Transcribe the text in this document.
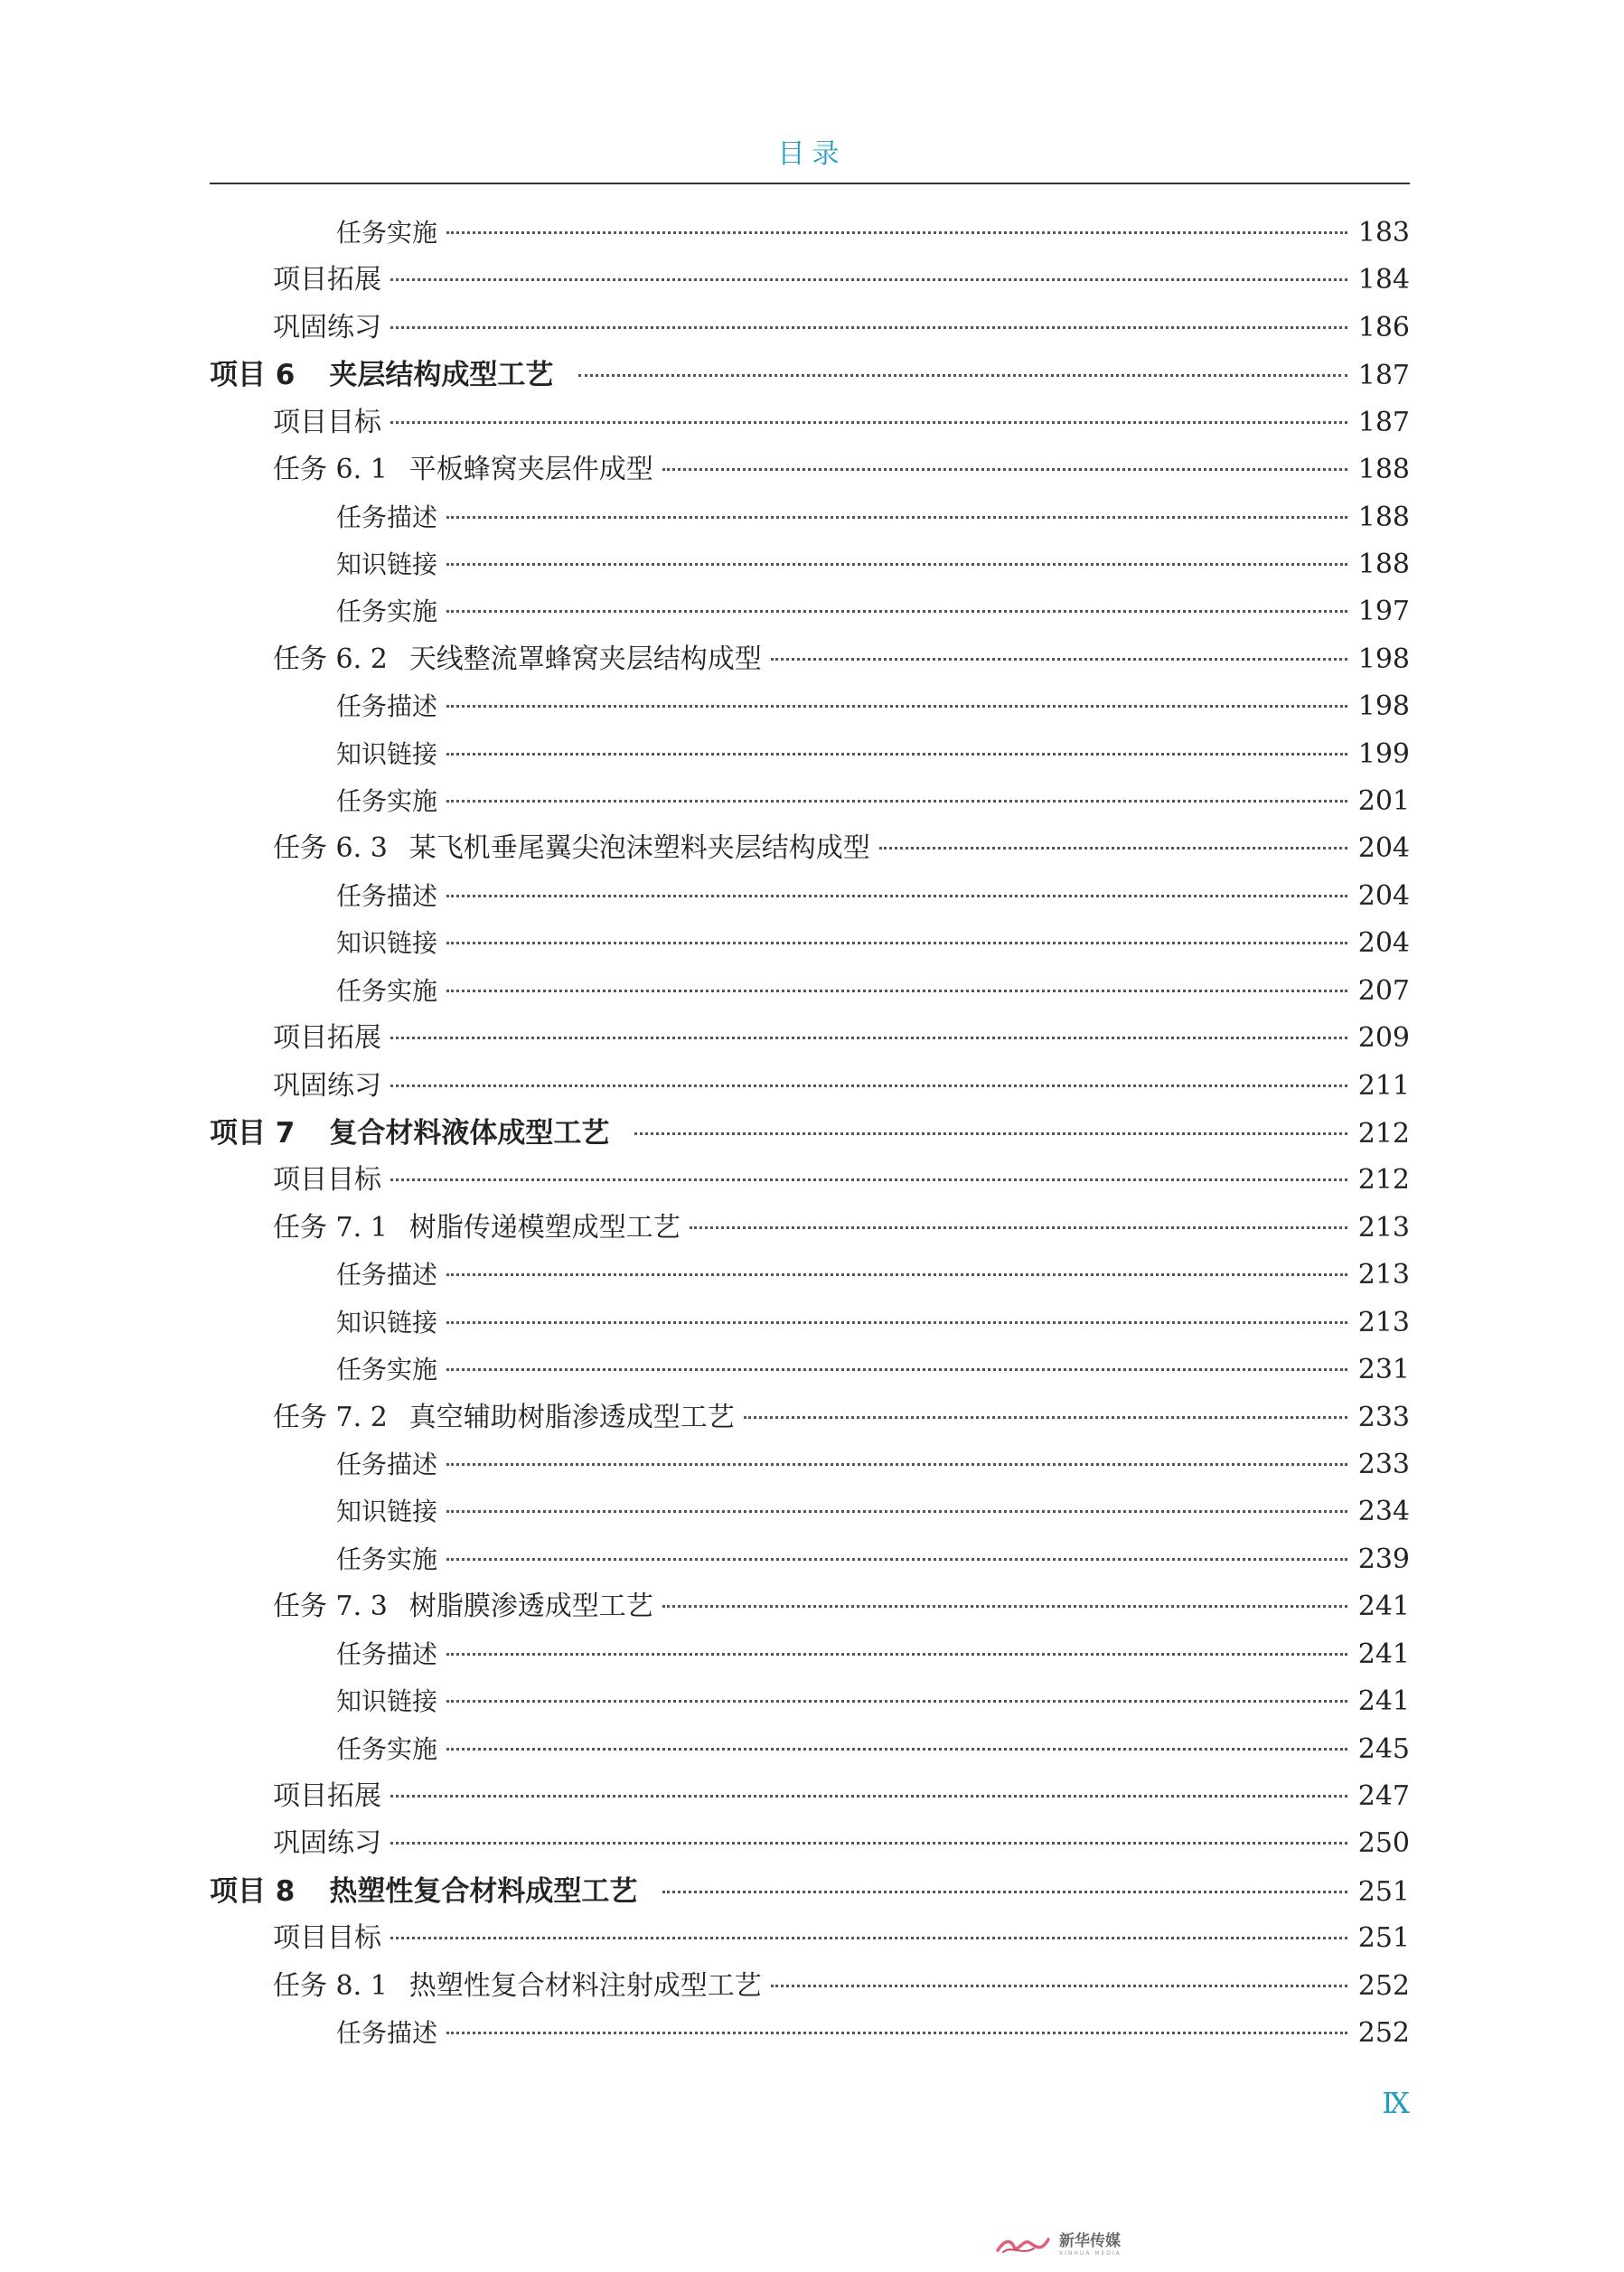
目录
任务实施	183
项目拓展	184
巩固练习	186
项目 6 夹层结构成型工艺	187
项目目标	187
任务 6. 1 平板蜂窝夹层件成型	188
任务描述	188
知识链接	188
任务实施	197
任务 6. 2 天线整流罩蜂窝夹层结构成型	198
任务描述	198
知识链接	199
任务实施	201
任务 6. 3 某飞机垂尾翼尖泡沫塑料夹层结构成型	204
任务描述	204
知识链接	204
任务实施	207
项目拓展	209
巩固练习	211
项目 7 复合材料液体成型工艺	212
项目目标	212
任务 7. 1 树脂传递模塑成型工艺	213
任务描述	213
知识链接	213
任务实施	231
任务 7. 2 真空辅助树脂渗透成型工艺	233
任务描述	233
知识链接	234
任务实施	239
任务 7. 3 树脂膜渗透成型工艺	241
任务描述	241
知识链接	241
任务实施	245
项目拓展	247
巩固练习	250
项目 8 热塑性复合材料成型工艺	251
项目目标	251
任务 8. 1 热塑性复合材料注射成型工艺	252
任务描述	252
Ⅸ
新华传媒
XINHUA MEDIA
